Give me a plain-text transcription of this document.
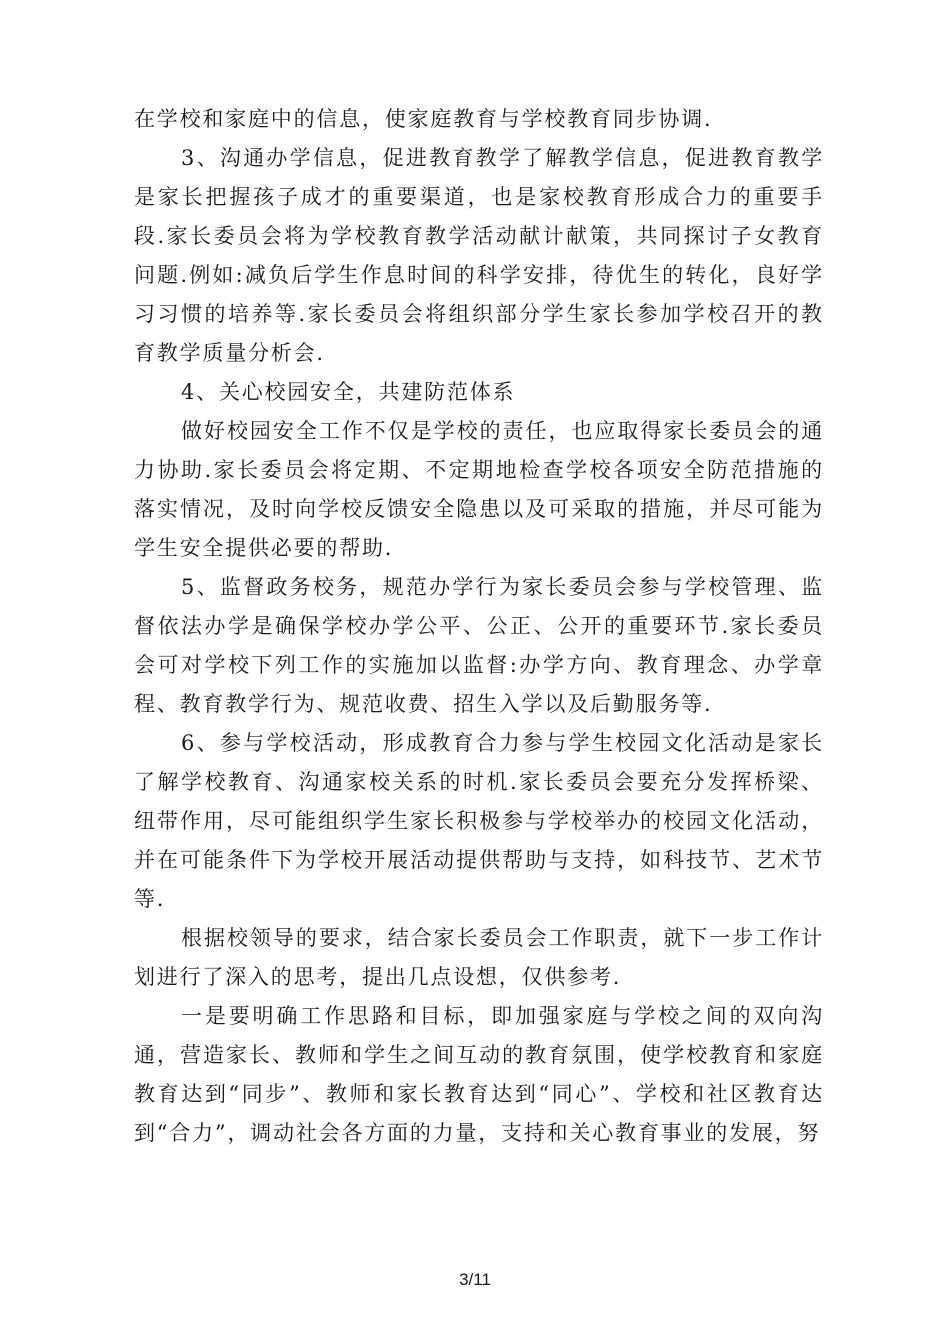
在学校和家庭中的信息，使家庭教育与学校教育同步协调.

3、沟通办学信息，促进教育教学了解教学信息，促进教育教学是家长把握孩子成才的重要渠道，也是家校教育形成合力的重要手段.家长委员会将为学校教育教学活动献计献策，共同探讨子女教育问题.例如:减负后学生作息时间的科学安排，待优生的转化，良好学习习惯的培养等.家长委员会将组织部分学生家长参加学校召开的教育教学质量分析会.

4、关心校园安全，共建防范体系

做好校园安全工作不仅是学校的责任，也应取得家长委员会的通力协助.家长委员会将定期、不定期地检查学校各项安全防范措施的落实情况，及时向学校反馈安全隐患以及可采取的措施，并尽可能为学生安全提供必要的帮助.

5、监督政务校务，规范办学行为家长委员会参与学校管理、监督依法办学是确保学校办学公平、公正、公开的重要环节.家长委员会可对学校下列工作的实施加以监督:办学方向、教育理念、办学章程、教育教学行为、规范收费、招生入学以及后勤服务等.

6、参与学校活动，形成教育合力参与学生校园文化活动是家长了解学校教育、沟通家校关系的时机.家长委员会要充分发挥桥梁、纽带作用，尽可能组织学生家长积极参与学校举办的校园文化活动，并在可能条件下为学校开展活动提供帮助与支持，如科技节、艺术节等.

根据校领导的要求，结合家长委员会工作职责，就下一步工作计划进行了深入的思考，提出几点设想，仅供参考.

一是要明确工作思路和目标，即加强家庭与学校之间的双向沟通，营造家长、教师和学生之间互动的教育氛围，使学校教育和家庭教育达到“同步”、教师和家长教育达到“同心”、学校和社区教育达到“合力”，调动社会各方面的力量，支持和关心教育事业的发展，努

3/11
